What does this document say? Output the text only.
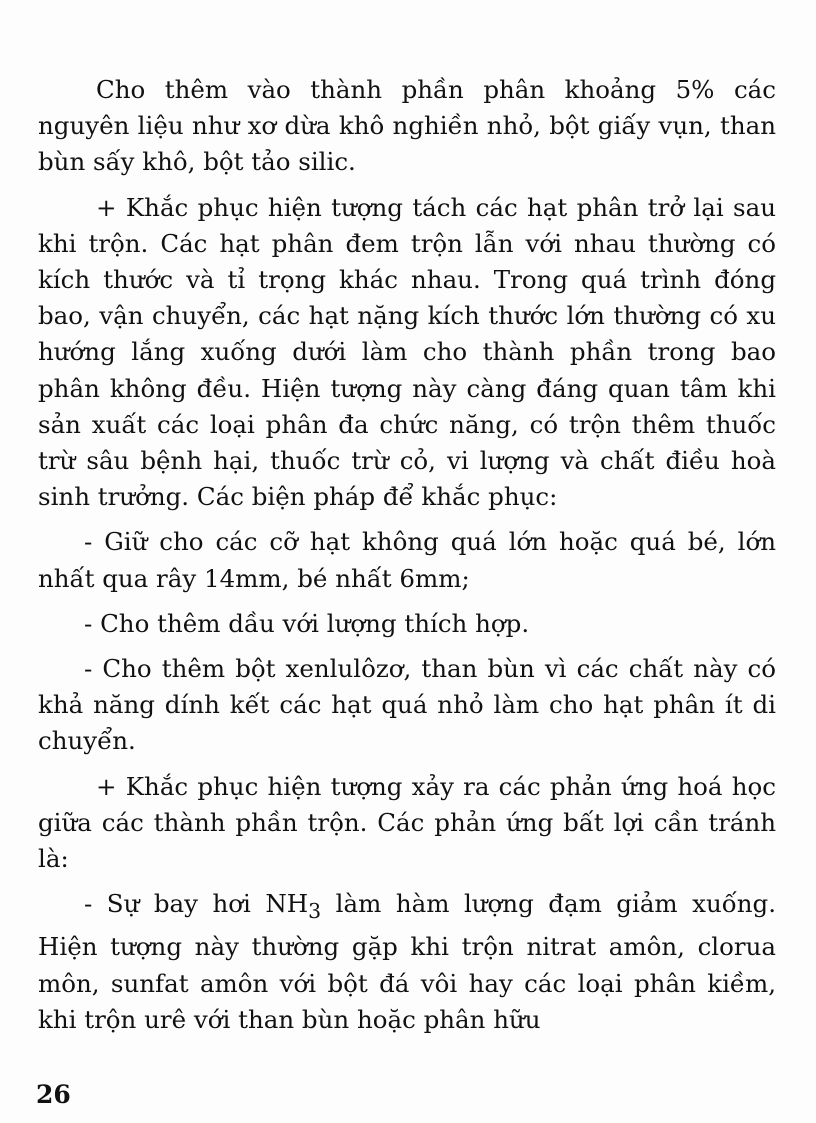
Cho thêm vào thành phần phân khoảng 5% các nguyên liệu như xơ dừa khô nghiền nhỏ, bột giấy vụn, than bùn sấy khô, bột tảo silic.

+ Khắc phục hiện tượng tách các hạt phân trở lại sau khi trộn. Các hạt phân đem trộn lẫn với nhau thường có kích thước và tỉ trọng khác nhau. Trong quá trình đóng bao, vận chuyển, các hạt nặng kích thước lớn thường có xu hướng lắng xuống dưới làm cho thành phần trong bao phân không đều. Hiện tượng này càng đáng quan tâm khi sản xuất các loại phân đa chức năng, có trộn thêm thuốc trừ sâu bệnh hại, thuốc trừ cỏ, vi lượng và chất điều hoà sinh trưởng. Các biện pháp để khắc phục:

- Giữ cho các cỡ hạt không quá lớn hoặc quá bé, lớn nhất qua rây 14mm, bé nhất 6mm;

- Cho thêm dầu với lượng thích hợp.

- Cho thêm bột xenlulôzơ, than bùn vì các chất này có khả năng dính kết các hạt quá nhỏ làm cho hạt phân ít di chuyển.

+ Khắc phục hiện tượng xảy ra các phản ứng hoá học giữa các thành phần trộn. Các phản ứng bất lợi cần tránh là:

- Sự bay hơi $NH_3$ làm hàm lượng đạm giảm xuống. Hiện tượng này thường gặp khi trộn nitrat amôn, clorua môn, sunfat amôn với bột đá vôi hay các loại phân kiềm, khi trộn urê với than bùn hoặc phân hữu

26
